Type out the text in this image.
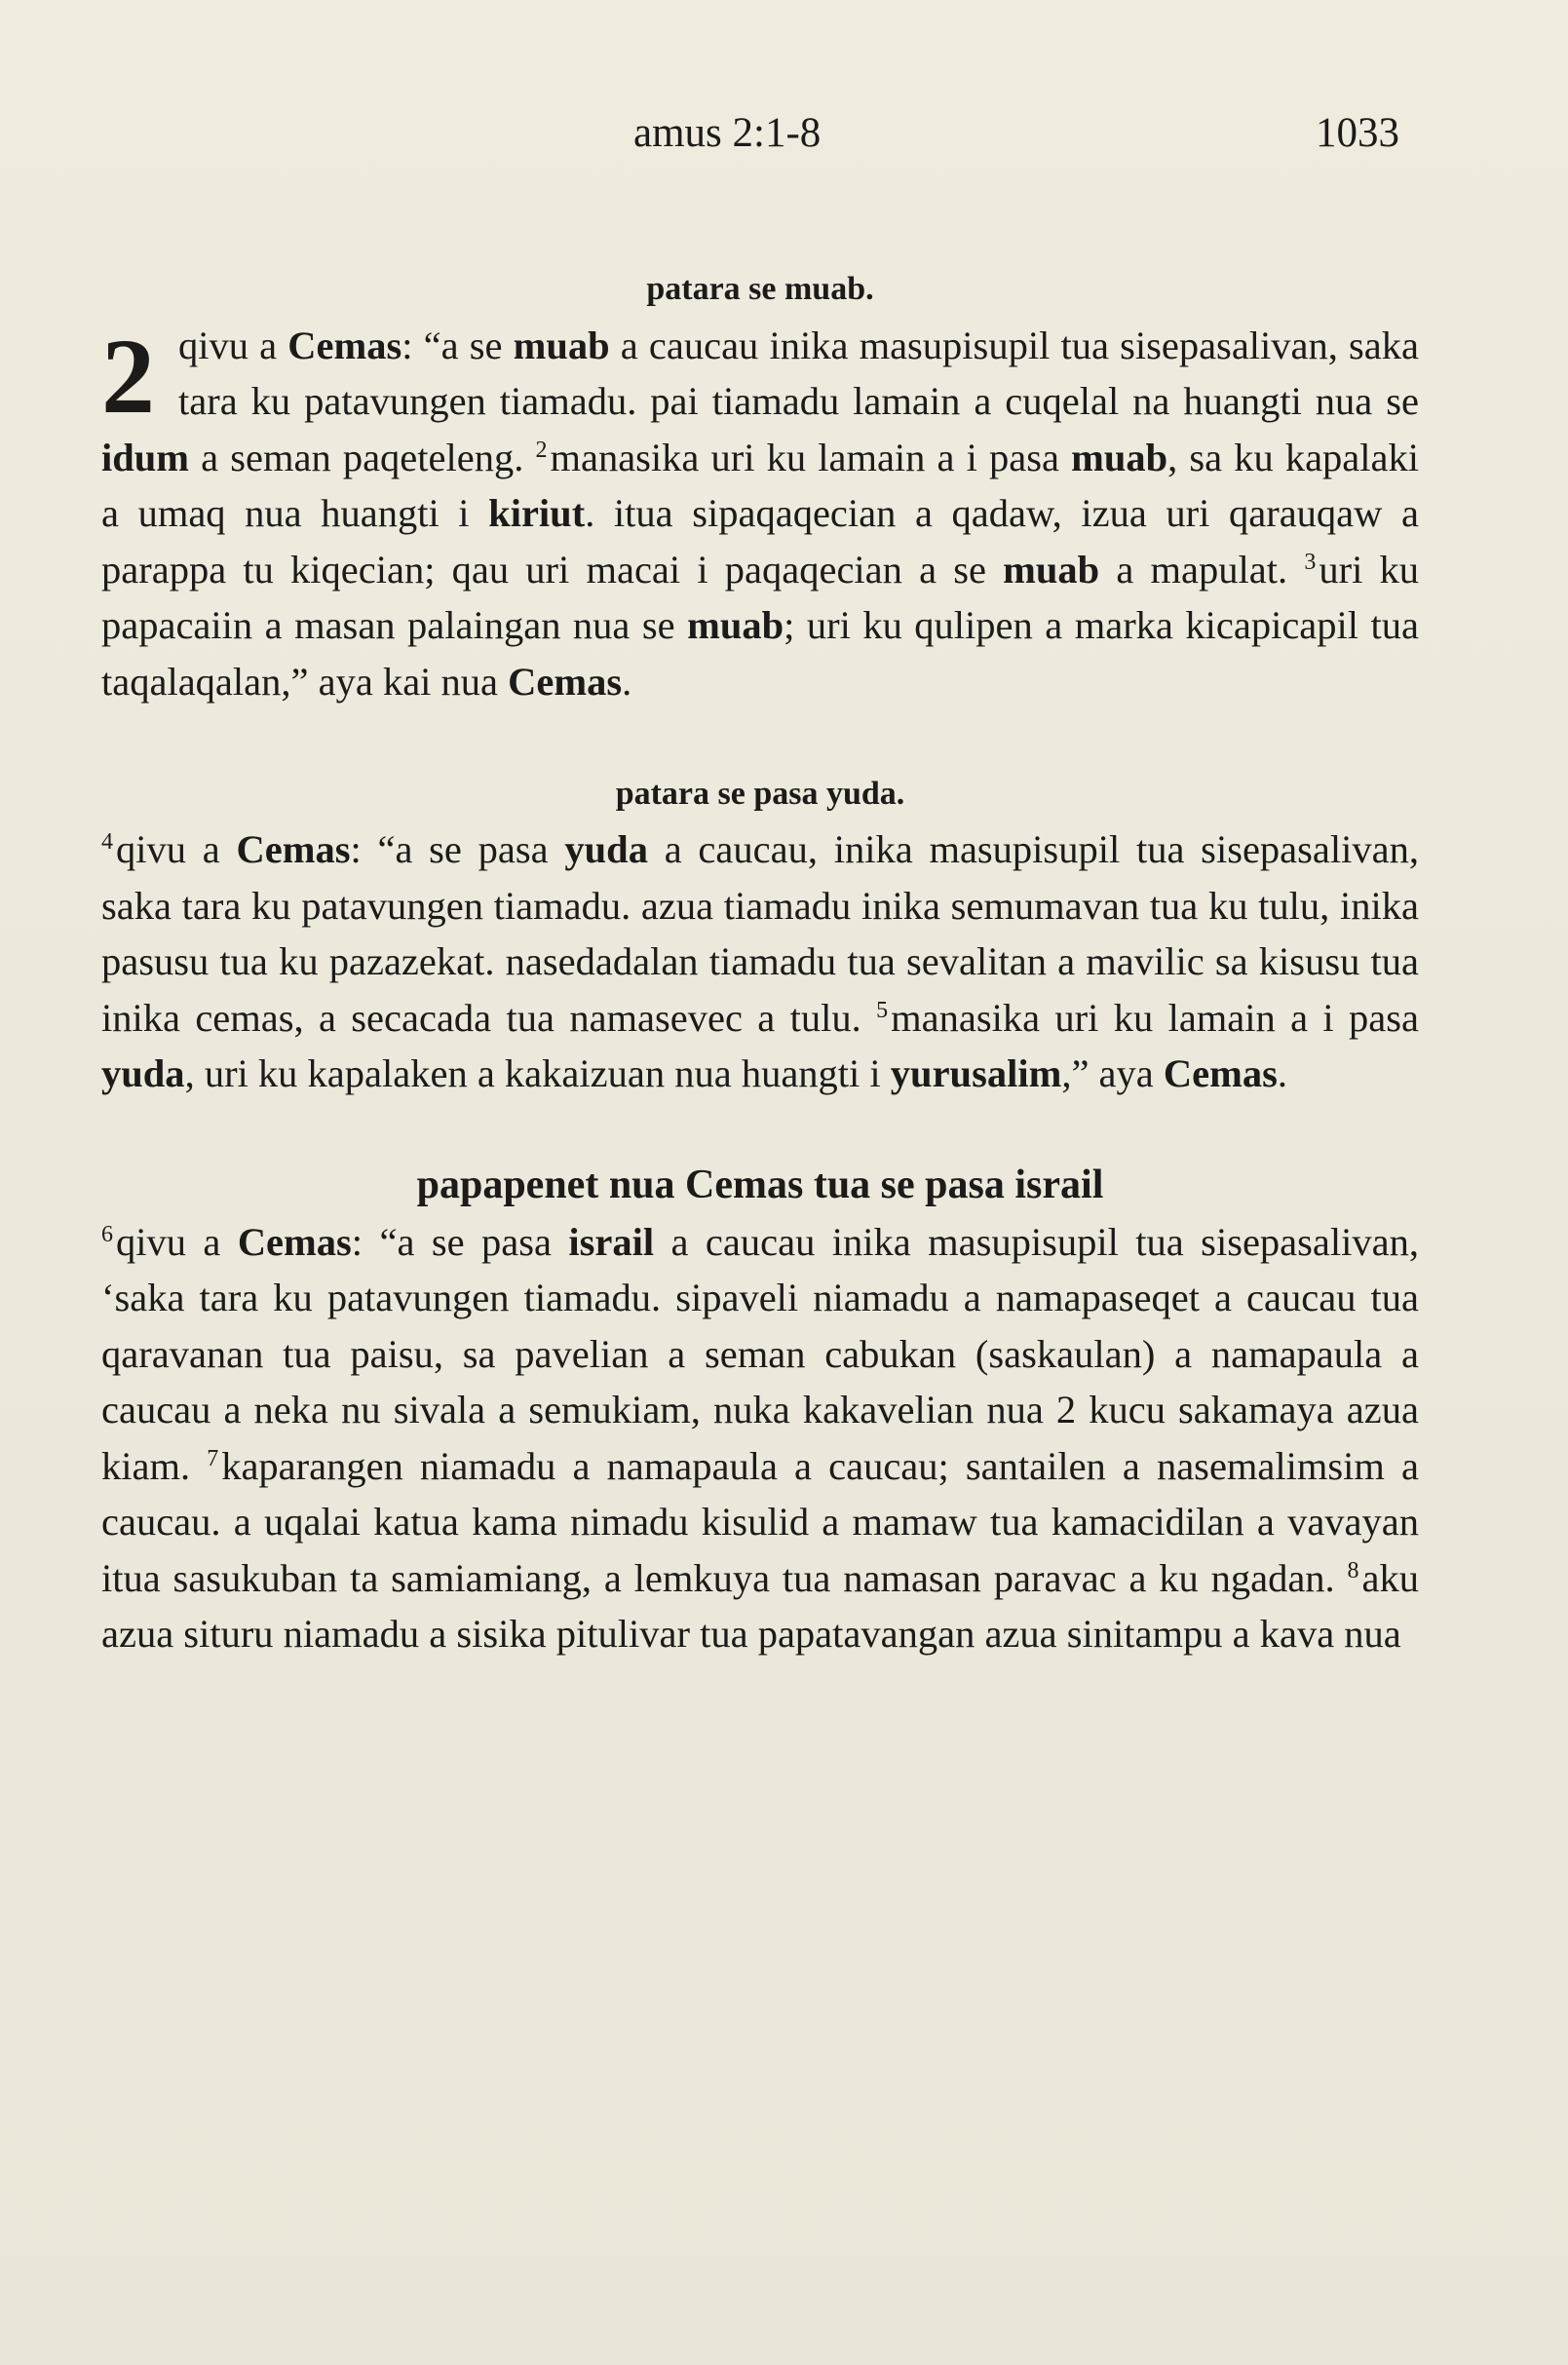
amus 2:1-8	1033
patara se muab.

2 qivu a Cemas: “a se muab a caucau inika masupisupil tua sisepasalivan, saka tara ku patavungen tiamadu. pai tiamadu lamain a cuqelal na huangti nua se idum a seman paqeteleng. $^2$manasika uri ku lamain a i pasa muab, sa ku kapalaki a umaq nua huangti i kiriut. itua sipaqaqecian a qadaw, izua uri qarauqaw a parappa tu kiqecian; qau uri macai i paqaqecian a se muab a mapulat. $^3$uri ku papacaiin a masan palaingan nua se muab; uri ku qulipen a marka kicapicapil tua taqalaqalan,” aya kai nua Cemas.

patara se pasa yuda.

$^4$qivu a Cemas: “a se pasa yuda a caucau, inika masupisupil tua sisepasalivan, saka tara ku patavungen tiamadu. azua tiamadu inika semumavan tua ku tulu, inika pasusu tua ku pazazekat. nasedadalan tiamadu tua sevalitan a mavilic sa kisusu tua inika cemas, a secacada tua namasevec a tulu. $^5$manasika uri ku lamain a i pasa yuda, uri ku kapalaken a kakaizuan nua huangti i yurusalim,” aya Cemas.

papapenet nua Cemas tua se pasa israil

$^6$qivu a Cemas: “a se pasa israil a caucau inika masupisupil tua sisepasalivan, ‘saka tara ku patavungen tiamadu. sipaveli niamadu a namapaseqet a caucau tua qaravanan tua paisu, sa pavelian a seman cabukan (saskaulan) a namapaula a caucau a neka nu sivala a semukiam, nuka kakavelian nua 2 kucu sakamaya azua kiam. $^7$kaparangen niamadu a namapaula a caucau; santailen a nasemalimsim a caucau. a uqalai katua kama nimadu kisulid a mamaw tua kamacidilan a vavayan itua sasukuban ta samiamiang, a lemkuya tua namasan paravac a ku ngadan. $^8$aku azua situru niamadu a sisika pitulivar tua papatavangan azua sinitampu a kava nua
